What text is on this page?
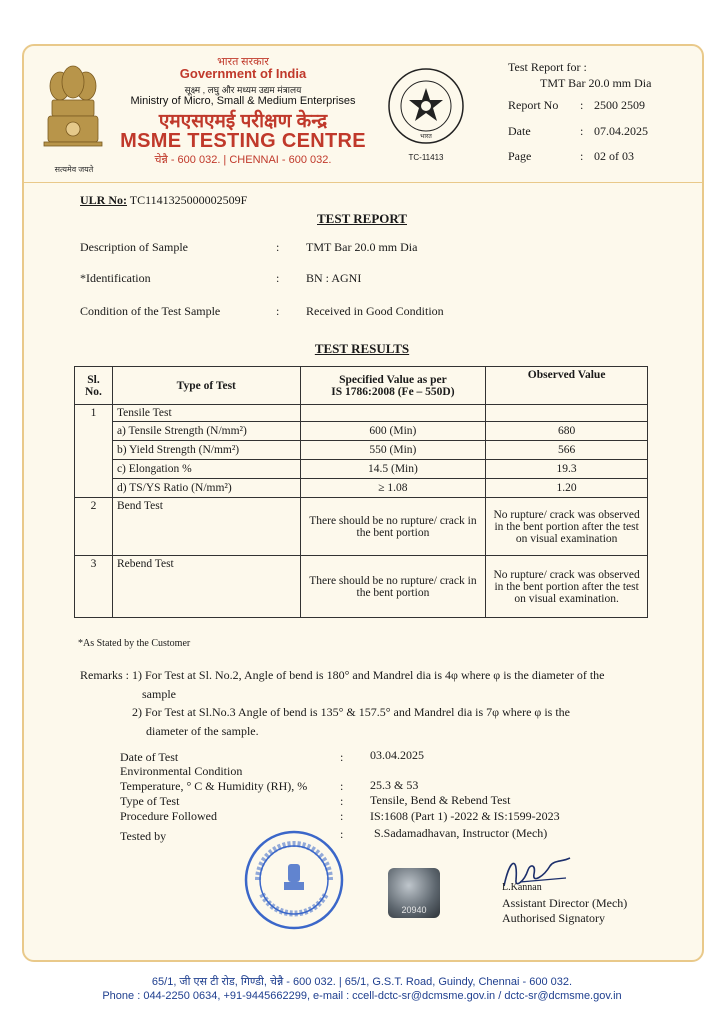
सत्यमेव जयते
भारत सरकार
Government of India
सूक्ष्म , लघु और मध्यम उद्यम मंत्रालय
Ministry of Micro, Small & Medium Enterprises
एमएसएमई परीक्षण केन्द्र
MSME TESTING CENTRE
चेन्नै - 600 032. | CHENNAI - 600 032.
भारत
TC-11413
Test Report for :
TMT Bar 20.0 mm Dia
Report No : 2500 2509
Date	: 07.04.2025
Page	: 02 of 03
ULR No: TC1141325000002509F
TEST REPORT
Description of Sample	: TMT Bar 20.0 mm Dia
*Identification	: BN : AGNI
Condition of the Test Sample	: Received in Good Condition
TEST RESULTS
Sl. No.	Type of Test	Specified Value as per
IS 1786:2008 (Fe – 550D)	Observed Value
1	Tensile Test		
	a) Tensile Strength (N/mm²)	600 (Min)	680
	b) Yield Strength (N/mm²)	550 (Min)	566
	c) Elongation %	14.5 (Min)	19.3
	d) TS/YS Ratio (N/mm²)	≥ 1.08	1.20
2	Bend Test	There should be no rupture/ crack in the bent portion	No rupture/ crack was observed in the bent portion after the test on visual examination
3	Rebend Test	There should be no rupture/ crack in the bent portion	No rupture/ crack was observed in the bent portion after the test on visual examination.
*As Stated by the Customer
Remarks : 1) For Test at Sl. No.2, Angle of bend is 180° and Mandrel dia is 4φ where φ is the diameter of the
sample
2) For Test at Sl.No.3 Angle of bend is 135° & 157.5° and Mandrel dia is 7φ where φ is the
diameter of the sample.
Date of Test	: 03.04.2025
Environmental Condition
Temperature, ° C & Humidity (RH), %	: 25.3 & 53
Type of Test	: Tensile, Bend & Rebend Test
Procedure Followed	: IS:1608 (Part 1) -2022 & IS:1599-2023
Tested by	:	S.Sadamadhavan, Instructor (Mech)
20940
L.Kannan
Assistant Director (Mech)
Authorised Signatory
65/1, जी एस टी रोड, गिण्डी, चेन्नै - 600 032. | 65/1, G.S.T. Road, Guindy, Chennai - 600 032.
Phone : 044-2250 0634, +91-9445662299, e-mail : ccell-dctc-sr@dcmsme.gov.in / dctc-sr@dcmsme.gov.in
